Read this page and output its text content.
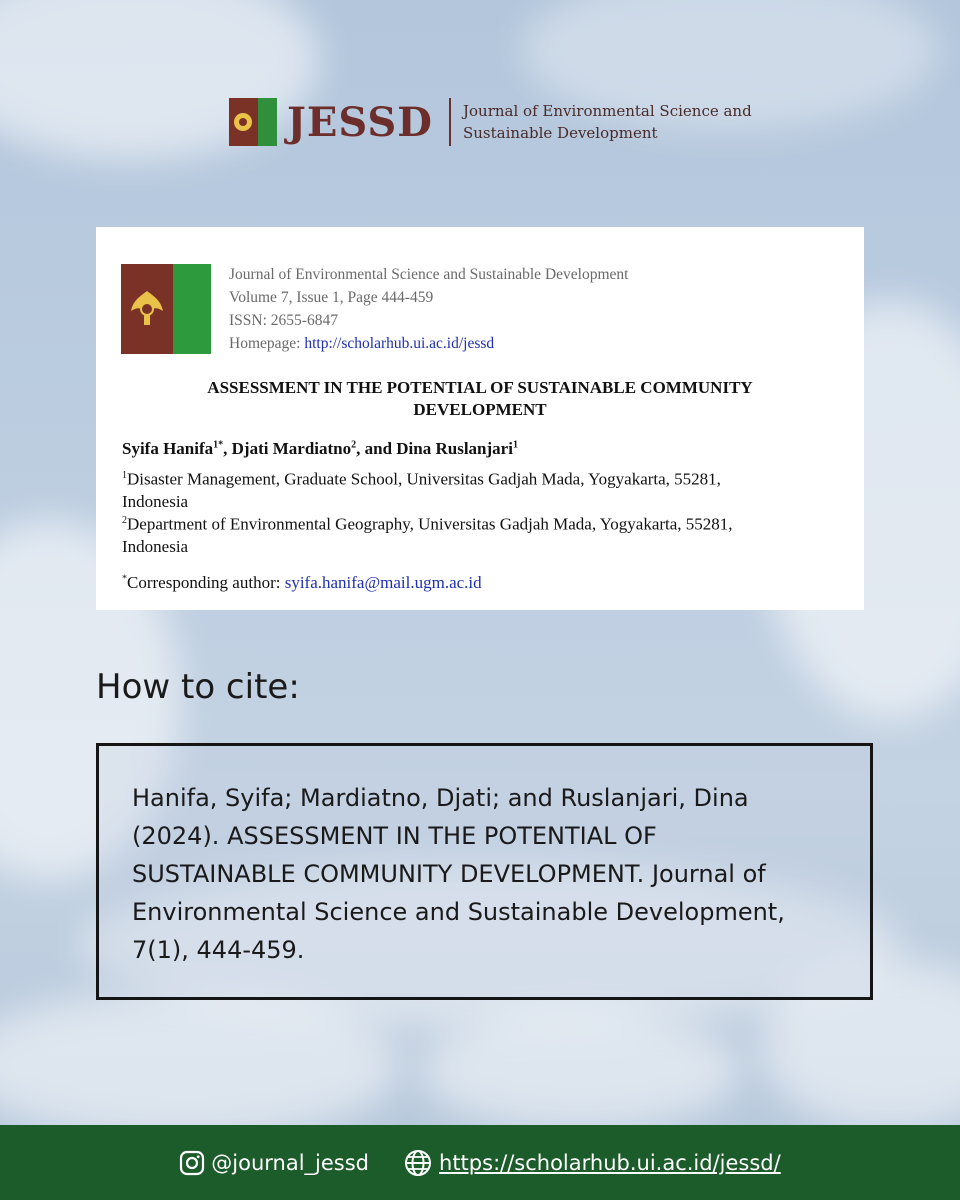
JESSD Journal of Environmental Science and
Sustainable Development
Journal of Environmental Science and Sustainable Development
Volume 7, Issue 1, Page 444-459
ISSN: 2655-6847
Homepage: http://scholarhub.ui.ac.id/jessd
ASSESSMENT IN THE POTENTIAL OF SUSTAINABLE COMMUNITY
DEVELOPMENT
Syifa Hanifa$^{1*}$, Djati Mardiatno$^2$, and Dina Ruslanjari$^1$
$^1$Disaster Management, Graduate School, Universitas Gadjah Mada, Yogyakarta, 55281,
Indonesia
$^2$Department of Environmental Geography, Universitas Gadjah Mada, Yogyakarta, 55281,
Indonesia
*Corresponding author: syifa.hanifa@mail.ugm.ac.id
How to cite:
Hanifa, Syifa; Mardiatno, Djati; and Ruslanjari, Dina
(2024). ASSESSMENT IN THE POTENTIAL OF
SUSTAINABLE COMMUNITY DEVELOPMENT. Journal of
Environmental Science and Sustainable Development,
7(1), 444-459.
@journal_jessd	https://scholarhub.ui.ac.id/jessd/
